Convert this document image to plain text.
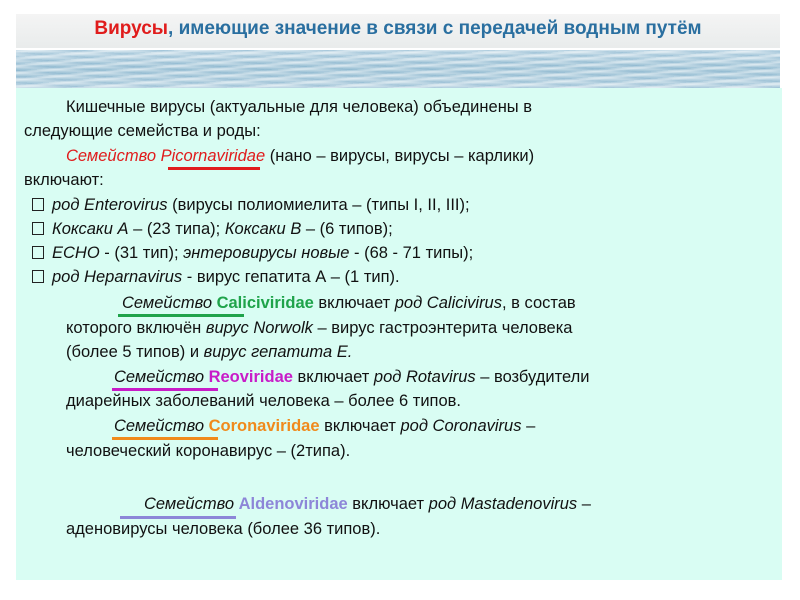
Вирусы, имеющие значение в связи с передачей водным путём
Кишечные вирусы (актуальные для человека) объединены в
следующие семейства и роды:
Семейство Picornaviridae (нано – вирусы, вирусы – карлики)
включают:
род Enterovirus (вирусы полиомиелита – (типы I, II, III);
Коксаки А – (23 типа); Коксаки В – (6 типов);
ЕСНО - (31 тип); энтеровирусы новые - (68 - 71 типы);
род Heparnavirus - вирус гепатита А – (1 тип).
Семейство Caliciviridae включает род Calicivirus, в состав
которого включён вирус Norwolk – вирус гастроэнтерита человека
(более 5 типов) и вирус гепатита Е.
Семейство Reoviridae включает род Rotavirus – возбудители
диарейных заболеваний человека – более 6 типов.
Семейство Coronaviridae включает род Coronavirus –
человеческий коронавирус – (2типа).
Семейство Aldenoviridae включает род Mastadenovirus –
аденовирусы человека (более 36 типов).
